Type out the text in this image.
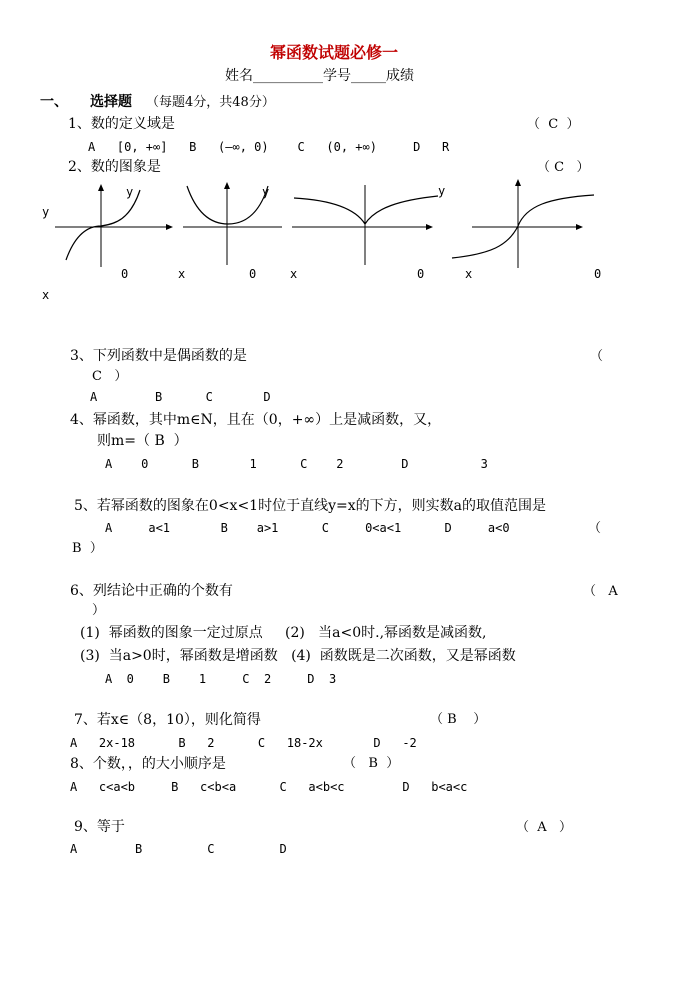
幂函数试题必修一
姓名__________学号_____成绩
一、 选择题 （每题4分，共48分）
1、数的定义域是	（  C  ）
A   [0, +∞]   B   (—∞, 0)    C   (0, +∞)     D   R
2、数的图象是	（ C   ）
y
y	y	y
0	x	0	x	0	x	0
x
3、下列函数中是偶函数的是	（
C   ）
A        B      C       D
4、幂函数，其中m∈N，且在（0，+∞）上是减函数，又，
则m=（ B  ）
A    0      B       1      C    2        D          3
5、若幂函数的图象在0<x<1时位于直线y=x的下方，则实数a的取值范围是
A     a<1       B    a>1      C     0<a<1      D     a<0	（
B  ）
6、列结论中正确的个数有	（   A
）
(1)  幂函数的图象一定过原点     (2)   当a<0时.,幂函数是减函数,
(3)  当a>0时，幂函数是增函数   (4)  函数既是二次函数，又是幂函数
A  0    B    1     C  2     D  3
7、若x∈（8，10），则化简得	（ B    ）
A   2x-18      B   2      C   18-2x       D   -2
8、个数，，的大小顺序是	（   B  ）
A   c<a<b     B   c<b<a      C   a<b<c        D   b<a<c
9、等于	（  A   ）
A        B         C         D
